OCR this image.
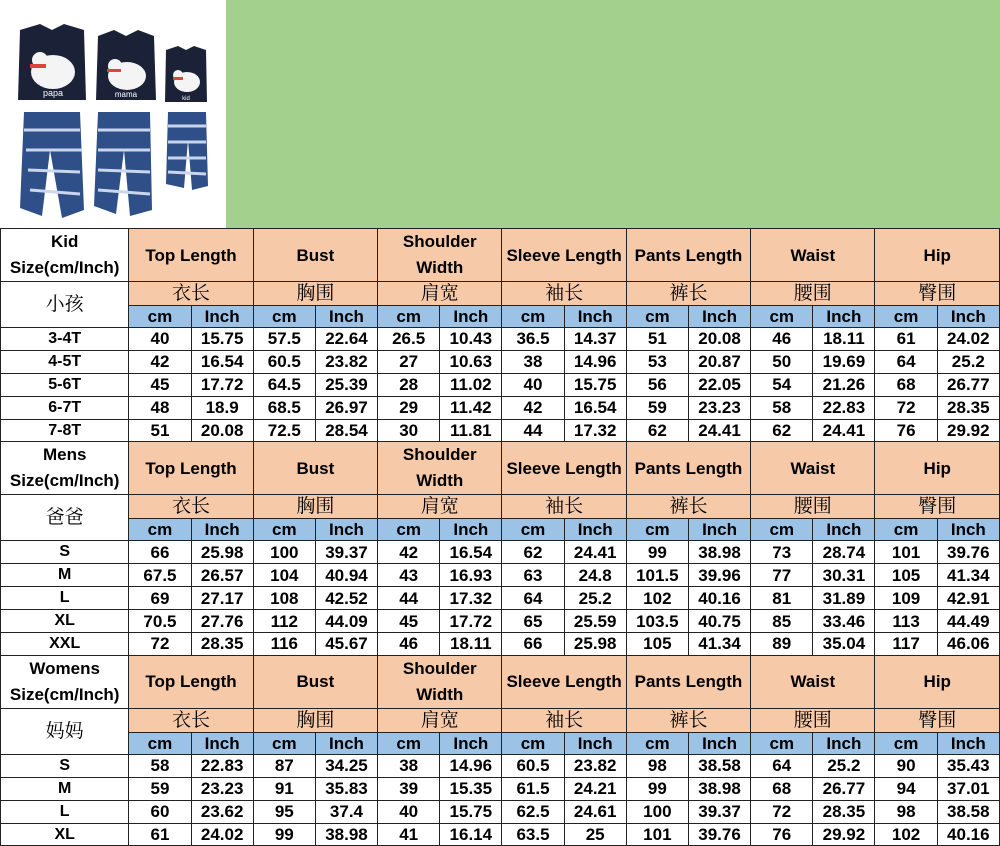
papa	mama	kid
Kid Size(cm/Inch)	Top Length		Bust		Shoulder Width		Sleeve Length		Pants Length		Waist		Hip	
小孩	衣长		胸围		肩宽		袖长		裤长		腰围		臀围	
	cm	Inch	cm	Inch	cm	Inch	cm	Inch	cm	Inch	cm	Inch	cm	Inch
3-4T	40	15.75	57.5	22.64	26.5	10.43	36.5	14.37	51	20.08	46	18.11	61	24.02
4-5T	42	16.54	60.5	23.82	27	10.63	38	14.96	53	20.87	50	19.69	64	25.2
5-6T	45	17.72	64.5	25.39	28	11.02	40	15.75	56	22.05	54	21.26	68	26.77
6-7T	48	18.9	68.5	26.97	29	11.42	42	16.54	59	23.23	58	22.83	72	28.35
7-8T	51	20.08	72.5	28.54	30	11.81	44	17.32	62	24.41	62	24.41	76	29.92
Mens Size(cm/Inch)	Top Length		Bust		Shoulder Width		Sleeve Length		Pants Length		Waist		Hip	
爸爸	衣长		胸围		肩宽		袖长		裤长		腰围		臀围	
	cm	Inch	cm	Inch	cm	Inch	cm	Inch	cm	Inch	cm	Inch	cm	Inch
S	66	25.98	100	39.37	42	16.54	62	24.41	99	38.98	73	28.74	101	39.76
M	67.5	26.57	104	40.94	43	16.93	63	24.8	101.5	39.96	77	30.31	105	41.34
L	69	27.17	108	42.52	44	17.32	64	25.2	102	40.16	81	31.89	109	42.91
XL	70.5	27.76	112	44.09	45	17.72	65	25.59	103.5	40.75	85	33.46	113	44.49
XXL	72	28.35	116	45.67	46	18.11	66	25.98	105	41.34	89	35.04	117	46.06
Womens Size(cm/Inch)	Top Length		Bust		Shoulder Width		Sleeve Length		Pants Length		Waist		Hip	
妈妈	衣长		胸围		肩宽		袖长		裤长		腰围		臀围	
	cm	Inch	cm	Inch	cm	Inch	cm	Inch	cm	Inch	cm	Inch	cm	Inch
S	58	22.83	87	34.25	38	14.96	60.5	23.82	98	38.58	64	25.2	90	35.43
M	59	23.23	91	35.83	39	15.35	61.5	24.21	99	38.98	68	26.77	94	37.01
L	60	23.62	95	37.4	40	15.75	62.5	24.61	100	39.37	72	28.35	98	38.58
XL	61	24.02	99	38.98	41	16.14	63.5	25	101	39.76	76	29.92	102	40.16
